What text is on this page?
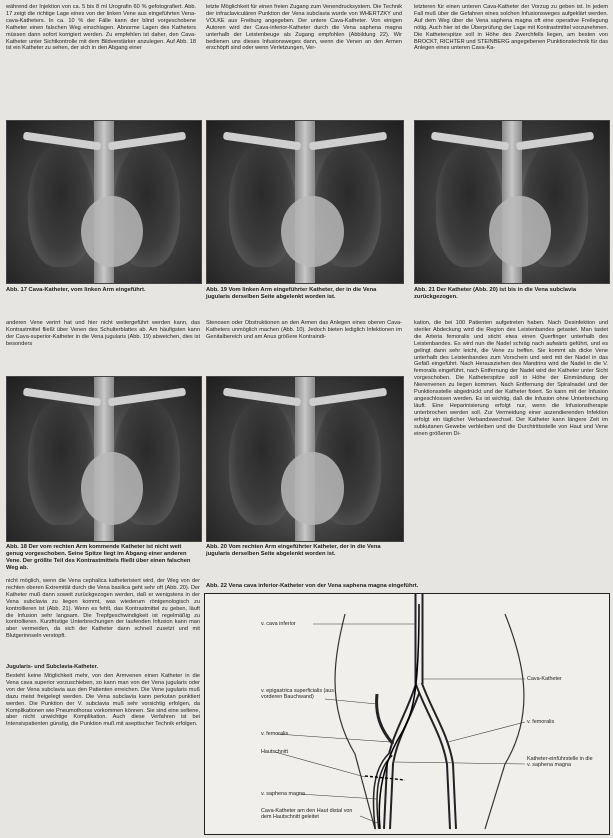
während der Injektion von ca. 5 bis 8 ml Urografin 60 % gefotografiert. Abb. 17 zeigt die richtige Lage eines von der linken Vene aus eingeführten Vena-cava-Katheters. In ca. 10 % der Fälle kann der blind vorgeschobene Katheter einen falschen Weg einschlagen. Abnorme Lagen des Katheters müssen dann sofort korrigiert werden. Zu empfehlen ist daher, den Cava-Katheter unter Sichtkontrolle mit dem Bildverstärker anzulegen. Auf Abb. 18 ist ein Katheter zu sehen, der sich in den Abgang einer
letzte Möglichkeit für einen freien Zugang zum Venendrucksystem. Die Technik der infraclaviculären Punktion der Vena subclavia wurde von WHERTZKY und VOLKE aus Freiburg angegeben. Der untere Cava-Katheter. Von einigen Autoren wird der Cava-inferior-Katheter durch die Vena saphena magna unterhalb der Leistenbeuge als Zugang empfohlen (Abbildung 22). Wir bedienen uns dieses Infusionsweges dann, wenn die Venen an den Armen erschöpft sind oder wenn Verletzungen, Ver-
letzteren für einen unteren Cava-Katheter der Vorzug zu geben ist. In jedem Fall muß über die Gefahren eines solchen Infusionsweges aufgeklärt werden. Auf dem Weg über die Vena saphena magna oft eine operative Freilegung nötig. Auch hier ist die Überprüfung der Lage mit Kontrastmittel vorzunehmen. Die Katheterspitze soll in Höhe des Zwerchfells liegen, am besten von BROCKT, RICHTER und STEINBERG angegebenen Punktionstechnik für das Anlegen eines unteren Cava-Ka-
Abb. 17 Cava-Katheter, vom linken Arm eingeführt.	Abb. 19 Vom linken Arm eingeführter Katheter, der in die Vena jugularis derselben Seite abgelenkt worden ist.
Abb. 21 Der Katheter (Abb. 20) ist bis in die Vena subclavia zurückgezogen.
anderen Vene verirrt hat und hier nicht weitergeführt werden kann, das Kontrastmittel fließt über Venen des Schulterblattes ab. Am häufigsten kann der Cava-superior-Katheter in die Vena jugularis (Abb. 19) abweichen, dies ist besonders
Stenosen oder Obstruktionen an den Armen das Anlegen eines oberen Cava-Katheters unmöglich machen (Abb. 10). Jedoch bieten lediglich Infektionen im Genitalbereich und am Anus größere Kontraindi-
kation, die bei 100 Patienten aufgetreten haben. Nach Desinfektion und steriler Abdeckung wird die Region des Leistenbandes getastet. Man tastet die Arteria femoralis und sticht etwa einen Querfinger unterhalb des Leistenbandes. Es wird nun die Nadel schräg nach aufwärts geführt, und es gelingt dann sehr leicht, die Vene zu treffen. Sie kommt als dicke Vene unterhalb des Leistenbandes zum Vorschein und wird mit der Nadel in das Gefäß eingeführt. Nach Herausziehen des Mandrins wird die Nadel in die V. femoralis eingeführt, nach Entfernung der Nadel wird der Katheter unter Sicht vorgeschoben. Die Katheterspitze soll in Höhe der Einmündung der Nierenvenen zu liegen kommen. Nach Entfernung der Spiralnadel und der Punktionsstelle abgedrückt und der Katheter fixiert. So kann mit der Infusion angeschlossen werden. Es ist wichtig, daß die Infusion ohne Unterbrechung läuft. Eine Heparinisierung erfolgt nur, wenn die Infusionstherapie unterbrochen werden soll. Zur Vermeidung einer aszendierenden Infektion erfolgt ein täglicher Verbandswechsel. Der Katheter kann längere Zeit im subkutanen Gewebe verbleiben und die Durchtrittsstelle von Haut und Vene einen größeren Di-
Abb. 18 Der vom rechten Arm kommende Katheter ist nicht weit genug vorgeschoben. Seine Spitze liegt im Abgang einer anderen Vene. Der größte Teil des Kontrastmittels fließt über einen falschen Weg ab.
Abb. 20 Vom rechten Arm eingeführter Katheter, der in die Vena jugularis derselben Seite abgelenkt worden ist.
Abb. 22 Vena cava inferior-Katheter von der Vena saphena magna eingeführt.
nicht möglich, wenn die Vena cephalica katheterisiert wird, der Weg von der rechten oberen Extremität durch die Vena basilica geht sehr oft (Abb. 20). Der Katheter muß dann soweit zurückgezogen werden, daß er wenigstens in der Vena subclavia zu liegen kommt, was wiederum röntgenologisch zu kontrollieren ist (Abb. 21). Wenn es fehlt, das Kontrastmittel zu geben, läuft die Infusion sehr langsam. Die Trepfgeschwindigkeit ist regelmäßig zu kontrollieren. Kurzfristige Unterbrechungen der laufenden Infusion kann man aber vermeiden, da sich der Katheter dann schnell zusetzt und mit Blutgerinnseln verstopft.
Jugularis- und Subclavia-Katheter.
Besteht keine Möglichkeit mehr, von den Armvenen einen Katheter in die Vena cava superior vorzuschieben, so kann man von der Vena jugularis oder von der Vena subclavia aus den Patienten erreichen. Die Vene jugularis muß dazu meist freigelegt werden. Die Vena subclavia kann perkutan punktiert werden. Die Punktion der V. subclavia muß sehr vorsichtig erfolgen, da Komplikationen wie Pneumothorax vorkommen können. Sie sind eine seltene, aber nicht unwichtige Komplikation. Auch diese Verfahren ist bei Intensivpatienten günstig, die Punktion muß mit aseptischer Technik erfolgen.
v. cava inferior
v. epigastrica superficialis (aus vorderen Bauchwand)
v. femoralis
Hautschnitt
v. saphena magna
Cava-Katheter am den Haut distal von dem Hautschnitt geleitet
Cava-Katheter
v. femoralis
Katheter-einführstelle in die v. saphena magna
